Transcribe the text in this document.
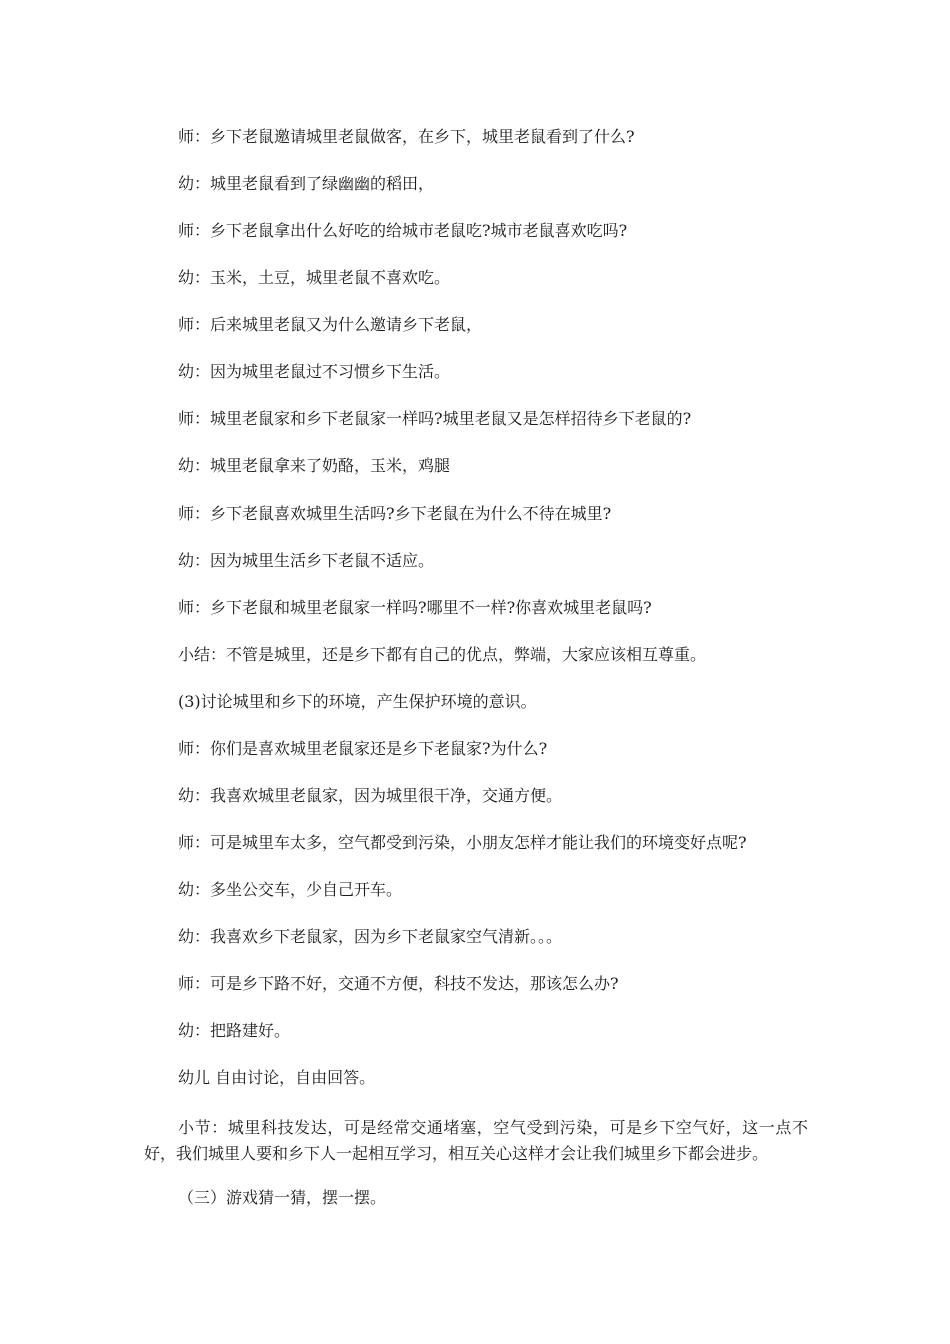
师：乡下老鼠邀请城里老鼠做客，在乡下，城里老鼠看到了什么?
幼：城里老鼠看到了绿幽幽的稻田，
师：乡下老鼠拿出什么好吃的给城市老鼠吃?城市老鼠喜欢吃吗?
幼：玉米，土豆，城里老鼠不喜欢吃。
师：后来城里老鼠又为什么邀请乡下老鼠，
幼：因为城里老鼠过不习惯乡下生活。
师：城里老鼠家和乡下老鼠家一样吗?城里老鼠又是怎样招待乡下老鼠的?
幼：城里老鼠拿来了奶酪，玉米，鸡腿
师：乡下老鼠喜欢城里生活吗?乡下老鼠在为什么不待在城里?
幼：因为城里生活乡下老鼠不适应。
师：乡下老鼠和城里老鼠家一样吗?哪里不一样?你喜欢城里老鼠吗?
小结：不管是城里，还是乡下都有自己的优点，弊端，大家应该相互尊重。
(3)讨论城里和乡下的环境，产生保护环境的意识。
师：你们是喜欢城里老鼠家还是乡下老鼠家?为什么?
幼：我喜欢城里老鼠家，因为城里很干净，交通方便。
师：可是城里车太多，空气都受到污染，小朋友怎样才能让我们的环境变好点呢?
幼：多坐公交车，少自己开车。
幼：我喜欢乡下老鼠家，因为乡下老鼠家空气清新。。。
师：可是乡下路不好，交通不方便，科技不发达，那该怎么办?
幼：把路建好。
幼儿 自由讨论，自由回答。
小节：城里科技发达，可是经常交通堵塞，空气受到污染，可是乡下空气好，这一点不好，我们城里人要和乡下人一起相互学习，相互关心这样才会让我们城里乡下都会进步。
（三）游戏猜一猜，摆一摆。
